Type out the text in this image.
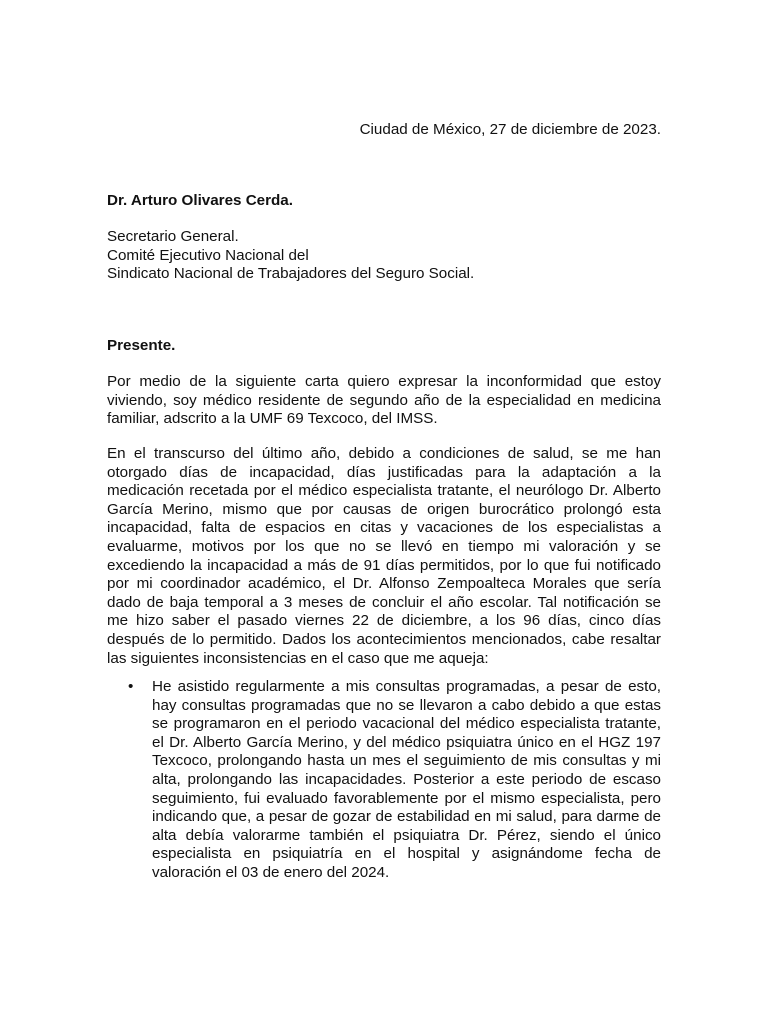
Ciudad de México, 27 de diciembre de 2023.
Dr. Arturo Olivares Cerda.
Secretario General.
Comité Ejecutivo Nacional del
Sindicato Nacional de Trabajadores del Seguro Social.
Presente.

Por medio de la siguiente carta quiero expresar la inconformidad que estoy viviendo, soy médico residente de segundo año de la especialidad en medicina familiar, adscrito a la UMF 69 Texcoco, del IMSS.

En el transcurso del último año, debido a condiciones de salud, se me han otorgado días de incapacidad, días justificadas para la adaptación a la medicación recetada por el médico especialista tratante, el neurólogo Dr. Alberto García Merino, mismo que por causas de origen burocrático prolongó esta incapacidad, falta de espacios en citas y vacaciones de los especialistas a evaluarme, motivos por los que no se llevó en tiempo mi valoración y se excediendo la incapacidad a más de 91 días permitidos, por lo que fui notificado por mi coordinador académico, el Dr. Alfonso Zempoalteca Morales que sería dado de baja temporal a 3 meses de concluir el año escolar. Tal notificación se me hizo saber el pasado viernes 22 de diciembre, a los 96 días, cinco días después de lo permitido. Dados los acontecimientos mencionados, cabe resaltar las siguientes inconsistencias en el caso que me aqueja:

• He asistido regularmente a mis consultas programadas, a pesar de esto, hay consultas programadas que no se llevaron a cabo debido a que estas se programaron en el periodo vacacional del médico especialista tratante, el Dr. Alberto García Merino, y del médico psiquiatra único en el HGZ 197 Texcoco, prolongando hasta un mes el seguimiento de mis consultas y mi alta, prolongando las incapacidades. Posterior a este periodo de escaso seguimiento, fui evaluado favorablemente por el mismo especialista, pero indicando que, a pesar de gozar de estabilidad en mi salud, para darme de alta debía valorarme también el psiquiatra Dr. Pérez, siendo el único especialista en psiquiatría en el hospital y asignándome fecha de valoración el 03 de enero del 2024.
